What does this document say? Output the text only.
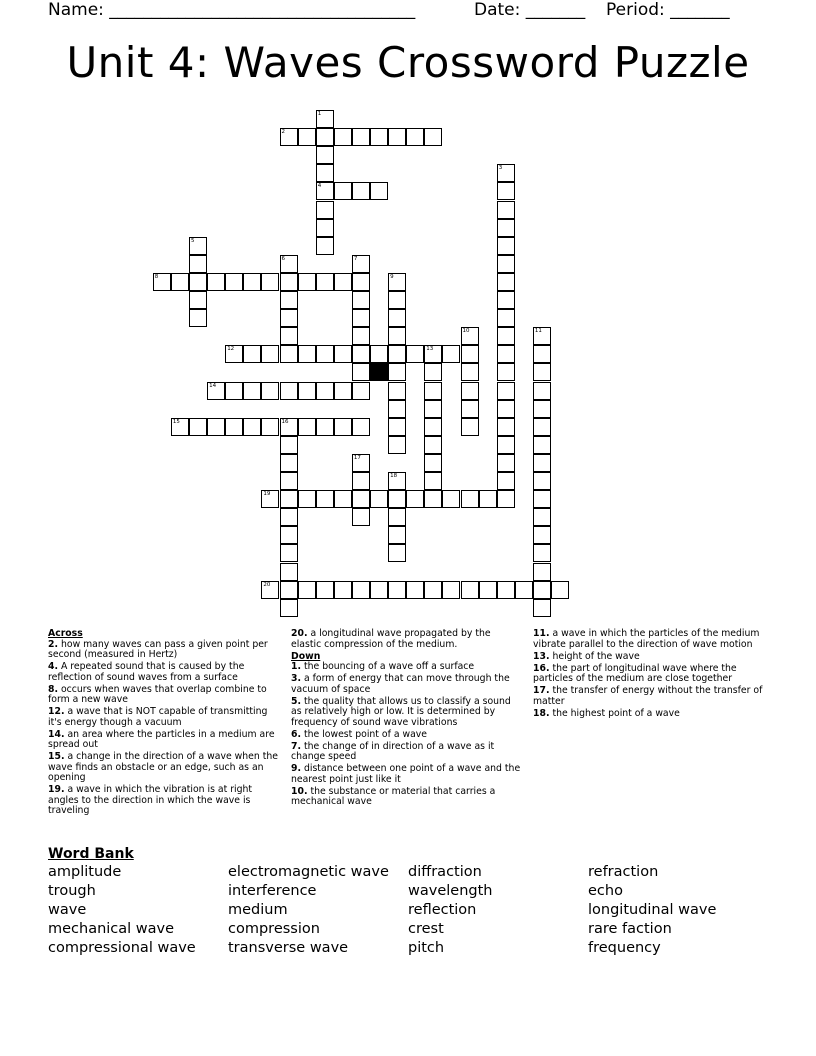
Name: ____________________________________

	Date: _______

Period: _______

Unit 4: Waves Crossword Puzzle
1
4
2
3
5
6	7
8	9
10	11
12	13
14
15	16
17
18
19
20

Across

2. how many waves can pass a given point per second (measured in Hertz)

4. A repeated sound that is caused by the reflection of sound waves from a surface

8. occurs when waves that overlap combine to form a new wave

12. a wave that is NOT capable of transmitting it's energy though a vacuum

14. an area where the particles in a medium are spread out

15. a change in the direction of a wave when the wave finds an obstacle or an edge, such as an opening

19. a wave in which the vibration is at right angles to the direction in which the wave is traveling

20. a longitudinal wave propagated by the elastic compression of the medium.

Down

1. the bouncing of a wave off a surface

3. a form of energy that can move through the vacuum of space

5. the quality that allows us to classify a sound as relatively high or low. It is determined by frequency of sound wave vibrations

6. the lowest point of a wave

7. the change of in direction of a wave as it change speed

9. distance between one point of a wave and the nearest point just like it

10. the substance or material that carries a mechanical wave

11. a wave in which the particles of the medium vibrate parallel to the direction of wave motion

13. height of the wave

16. the part of longitudinal wave where the particles of the medium are close together

17. the transfer of energy without the transfer of matter

18. the highest point of a wave

Word Bank
amplitude
trough
wave
mechanical wave
compressional wave
electromagnetic wave
interference
medium
compression
transverse wave
diffraction
wavelength
reflection
crest
pitch
refraction
echo
longitudinal wave
rare faction
frequency
